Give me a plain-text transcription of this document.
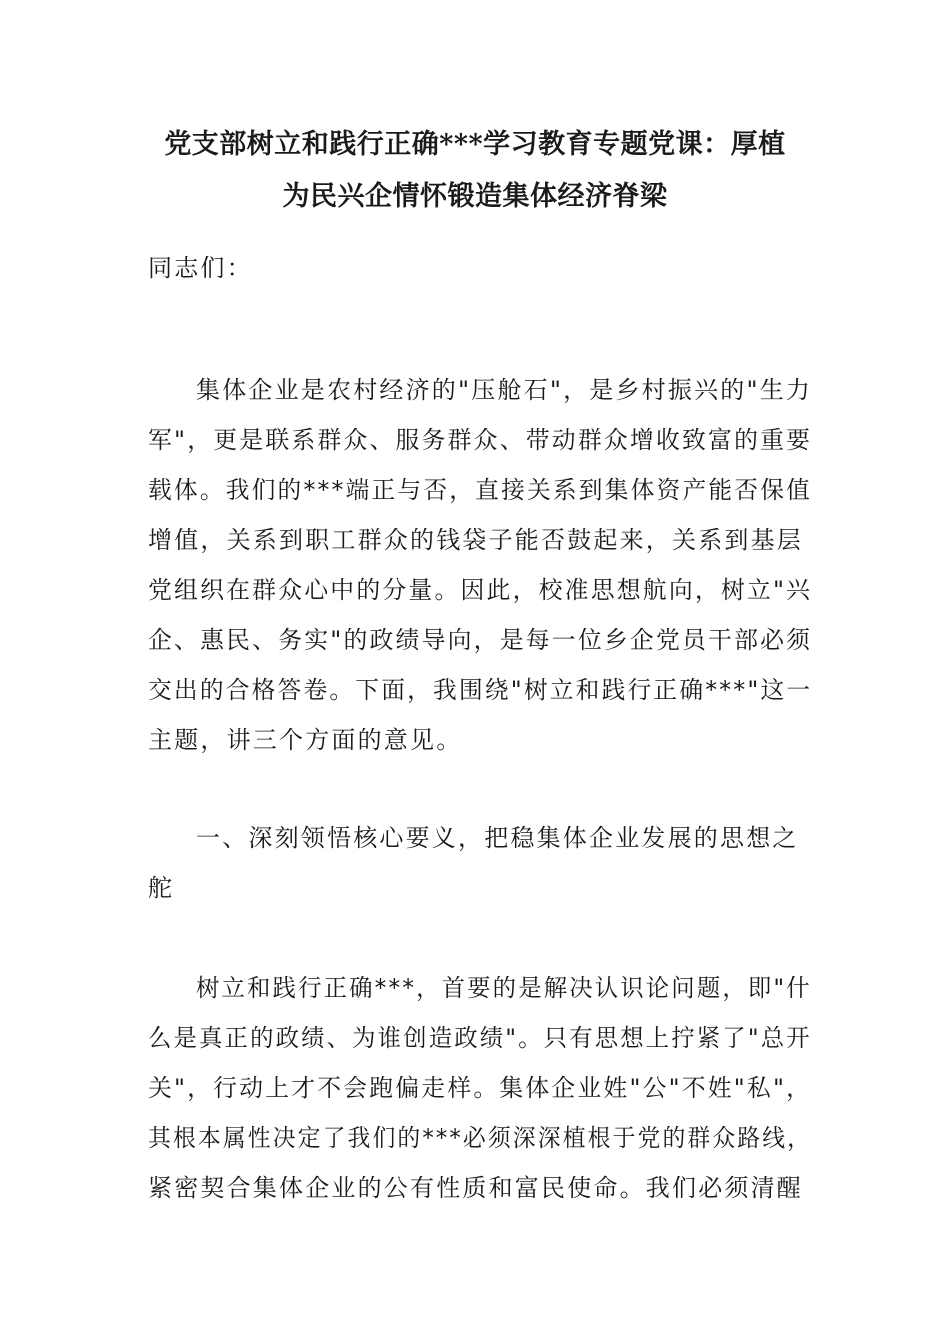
党支部树立和践行正确***学习教育专题党课：厚植
为民兴企情怀锻造集体经济脊梁
同志们：
集体企业是农村经济的"压舱石"，是乡村振兴的"生力
军"，更是联系群众、服务群众、带动群众增收致富的重要
载体。我们的***端正与否，直接关系到集体资产能否保值
增值，关系到职工群众的钱袋子能否鼓起来，关系到基层
党组织在群众心中的分量。因此，校准思想航向，树立"兴
企、惠民、务实"的政绩导向，是每一位乡企党员干部必须
交出的合格答卷。下面，我围绕"树立和践行正确***"这一
主题，讲三个方面的意见。
一、深刻领悟核心要义，把稳集体企业发展的思想之
舵
树立和践行正确***，首要的是解决认识论问题，即"什
么是真正的政绩、为谁创造政绩"。只有思想上拧紧了"总开
关"，行动上才不会跑偏走样。集体企业姓"公"不姓"私"，
其根本属性决定了我们的***必须深深植根于党的群众路线，
紧密契合集体企业的公有性质和富民使命。我们必须清醒
